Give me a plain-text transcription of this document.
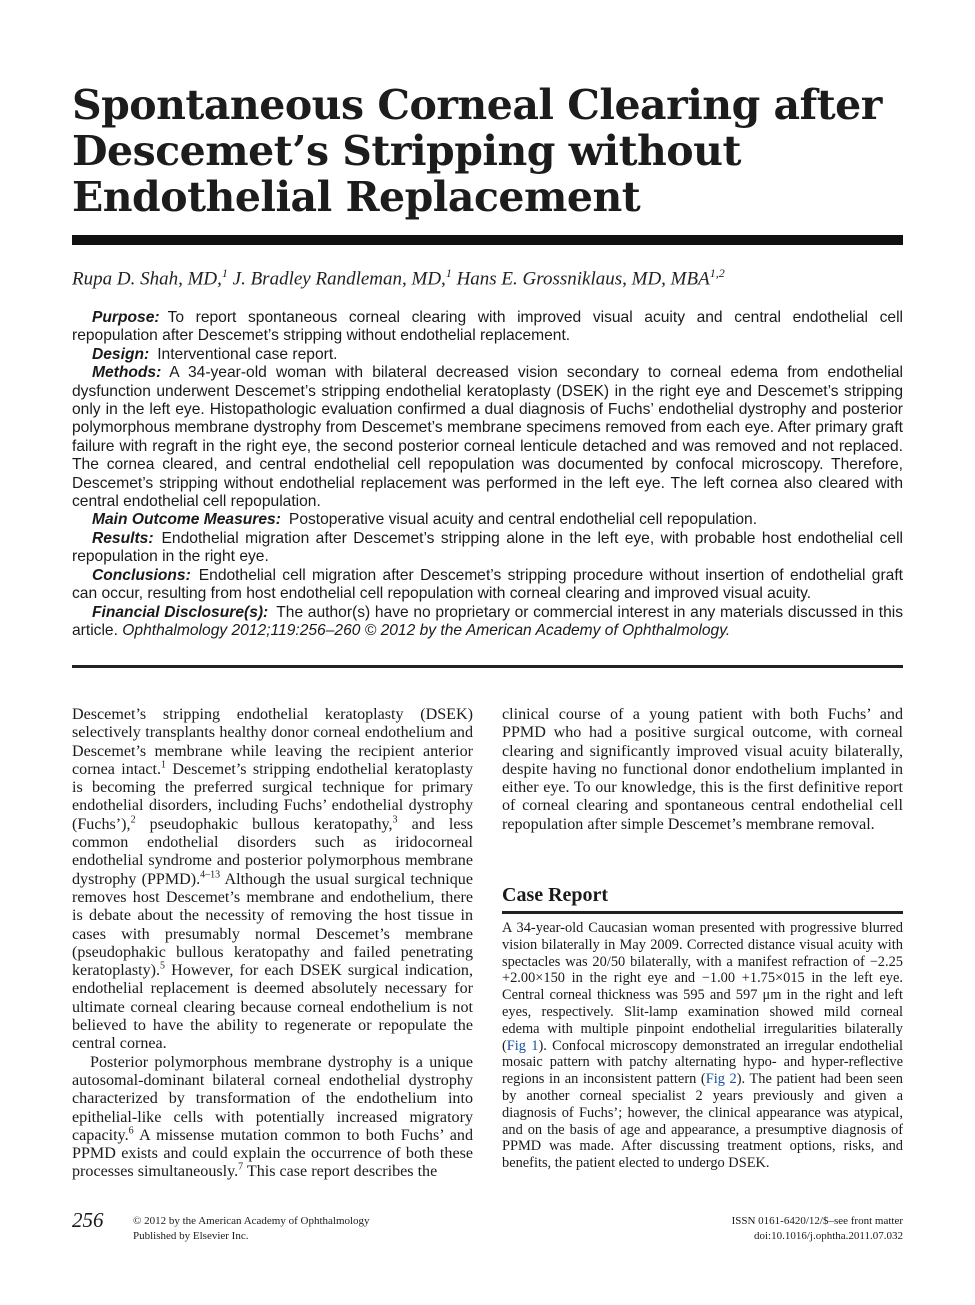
Spontaneous Corneal Clearing after Descemet’s Stripping without Endothelial Replacement
Rupa D. Shah, MD,$^1$ J. Bradley Randleman, MD,$^1$ Hans E. Grossniklaus, MD, MBA$^{1,2}$

Purpose: To report spontaneous corneal clearing with improved visual acuity and central endothelial cell repopulation after Descemet’s stripping without endothelial replacement.

Design: Interventional case report.

Methods: A 34-year-old woman with bilateral decreased vision secondary to corneal edema from endothelial dysfunction underwent Descemet’s stripping endothelial keratoplasty (DSEK) in the right eye and Descemet’s stripping only in the left eye. Histopathologic evaluation confirmed a dual diagnosis of Fuchs’ endothelial dystrophy and posterior polymorphous membrane dystrophy from Descemet’s membrane specimens removed from each eye. After primary graft failure with regraft in the right eye, the second posterior corneal lenticule detached and was removed and not replaced. The cornea cleared, and central endothelial cell repopulation was documented by confocal microscopy. Therefore, Descemet’s stripping without endothelial replacement was performed in the left eye. The left cornea also cleared with central endothelial cell repopulation.

Main Outcome Measures: Postoperative visual acuity and central endothelial cell repopulation.

Results: Endothelial migration after Descemet’s stripping alone in the left eye, with probable host endothelial cell repopulation in the right eye.

Conclusions: Endothelial cell migration after Descemet’s stripping procedure without insertion of endothelial graft can occur, resulting from host endothelial cell repopulation with corneal clearing and improved visual acuity.

Financial Disclosure(s): The author(s) have no proprietary or commercial interest in any materials discussed in this article. Ophthalmology 2012;119:256–260 © 2012 by the American Academy of Ophthalmology.

Descemet’s stripping endothelial keratoplasty (DSEK) selectively transplants healthy donor corneal endothelium and Descemet’s membrane while leaving the recipient anterior cornea intact.$^1$ Descemet’s stripping endothelial keratoplasty is becoming the preferred surgical technique for primary endothelial disorders, including Fuchs’ endothelial dystrophy (Fuchs’),$^2$ pseudophakic bullous keratopathy,$^3$ and less common endothelial disorders such as iridocorneal endothelial syndrome and posterior polymorphous membrane dystrophy (PPMD).$^{4-13}$ Although the usual surgical technique removes host Descemet’s membrane and endothelium, there is debate about the necessity of removing the host tissue in cases with presumably normal Descemet’s membrane (pseudophakic bullous keratopathy and failed penetrating keratoplasty).$^5$ However, for each DSEK surgical indication, endothelial replacement is deemed absolutely necessary for ultimate corneal clearing because corneal endothelium is not believed to have the ability to regenerate or repopulate the central cornea.

Posterior polymorphous membrane dystrophy is a unique autosomal-dominant bilateral corneal endothelial dystrophy characterized by transformation of the endothelium into epithelial-like cells with potentially increased migratory capacity.$^6$ A missense mutation common to both Fuchs’ and PPMD exists and could explain the occurrence of both these processes simultaneously.$^7$ This case report describes the

clinical course of a young patient with both Fuchs’ and PPMD who had a positive surgical outcome, with corneal clearing and significantly improved visual acuity bilaterally, despite having no functional donor endothelium implanted in either eye. To our knowledge, this is the first definitive report of corneal clearing and spontaneous central endothelial cell repopulation after simple Descemet’s membrane removal.

Case Report

A 34-year-old Caucasian woman presented with progressive blurred vision bilaterally in May 2009. Corrected distance visual acuity with spectacles was 20/50 bilaterally, with a manifest refraction of −2.25 +2.00×150 in the right eye and −1.00 +1.75×015 in the left eye. Central corneal thickness was 595 and 597 μm in the right and left eyes, respectively. Slit-lamp examination showed mild corneal edema with multiple pinpoint endothelial irregularities bilaterally (Fig 1). Confocal microscopy demonstrated an irregular endothelial mosaic pattern with patchy alternating hypo- and hyper-reflective regions in an inconsistent pattern (Fig 2). The patient had been seen by another corneal specialist 2 years previously and given a diagnosis of Fuchs’; however, the clinical appearance was atypical, and on the basis of age and appearance, a presumptive diagnosis of PPMD was made. After discussing treatment options, risks, and benefits, the patient elected to undergo DSEK.

256	© 2012 by the American Academy of Ophthalmology
Published by Elsevier Inc.
ISSN 0161-6420/12/$–see front matter
doi:10.1016/j.ophtha.2011.07.032
